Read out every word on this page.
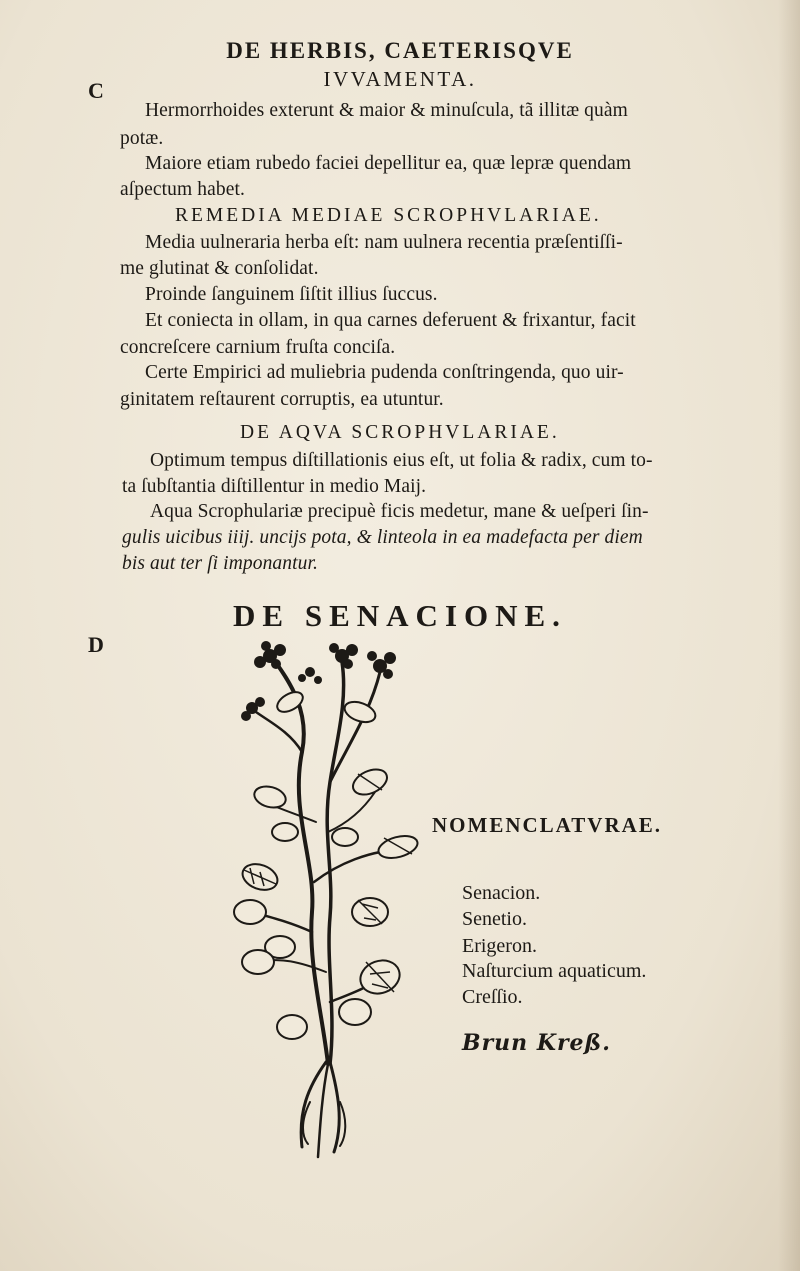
DE HERBIS, CAETERISQVE
IVVAMENTA.
C
Hermorrhoides exterunt & maior & minuſcula, tã illitæ quàm
potæ.
Maiore etiam rubedo faciei depellitur ea, quæ lepræ quendam
aſpectum habet.
REMEDIA MEDIAE SCROPHVLARIAE.
Media uulneraria herba eſt: nam uulnera recentia præſentiſſi-
me glutinat & conſolidat.
Proinde ſanguinem ſiſtit illius ſuccus.
Et coniecta in ollam, in qua carnes deferuent & frixantur, facit
concreſcere carnium fruſta conciſa.
Certe Empirici ad muliebria pudenda conſtringenda, quo uir-
ginitatem reſtaurent corruptis, ea utuntur.
DE AQVA SCROPHVLARIAE.
Optimum tempus diſtillationis eius eſt, ut folia & radix, cum to-
ta ſubſtantia diſtillentur in medio Maij.
Aqua Scrophulariæ precipuè ficis medetur, mane & ueſperi ſin-
gulis uicibus iiij. uncijs pota, & linteola in ea madefacta per diem
bis aut ter ſi imponantur.
DE SENACIONE.
D
NOMENCLATVRAE.
Senacion.
Senetio.
Erigeron.
Naſturcium aquaticum.
Creſſio.
Brun Kreß.
